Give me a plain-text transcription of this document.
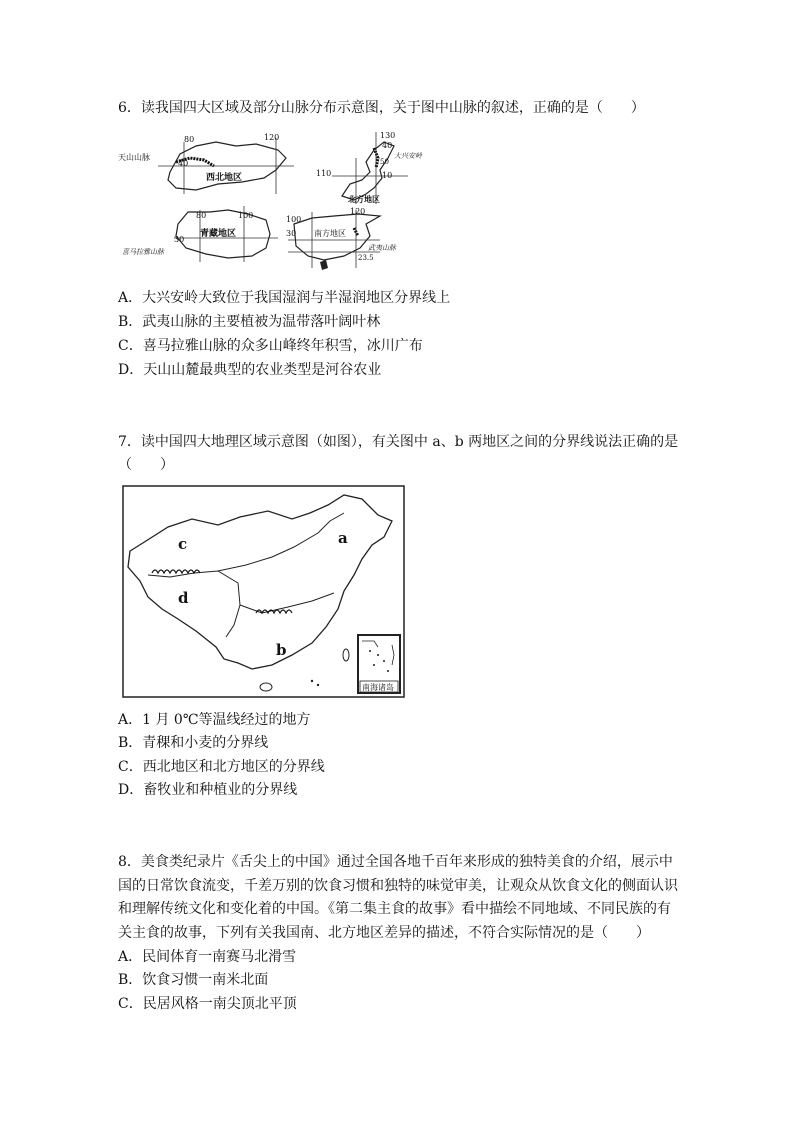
6．读我国四大区域及部分山脉分布示意图，关于图中山脉的叙述，正确的是（　　）
80	120
40
天山山脉
西北地区
130
40
大兴安岭
50
110	10
北方地区
80	100
30
青藏地区
喜马拉雅山脉
100
120
30
23.5
南方地区
武夷山脉
A．大兴安岭大致位于我国湿润与半湿润地区分界线上
B．武夷山脉的主要植被为温带落叶阔叶林
C．喜马拉雅山脉的众多山峰终年积雪，冰川广布
D．天山山麓最典型的农业类型是河谷农业
7．读中国四大地理区域示意图（如图），有关图中 a、b 两地区之间的分界线说法正确的是
（　　）
c	a
d
b
南海诸岛
A．1 月 0℃等温线经过的地方
B．青稞和小麦的分界线
C．西北地区和北方地区的分界线
D．畜牧业和种植业的分界线
8．美食类纪录片《舌尖上的中国》通过全国各地千百年来形成的独特美食的介绍，展示中
国的日常饮食流变，千差万别的饮食习惯和独特的味觉审美，让观众从饮食文化的侧面认识
和理解传统文化和变化着的中国。《第二集主食的故事》看中描绘不同地域、不同民族的有
关主食的故事，下列有关我国南、北方地区差异的描述，不符合实际情况的是（　　）
A．民间体育一南赛马北滑雪
B．饮食习惯一南米北面
C．民居风格一南尖顶北平顶
